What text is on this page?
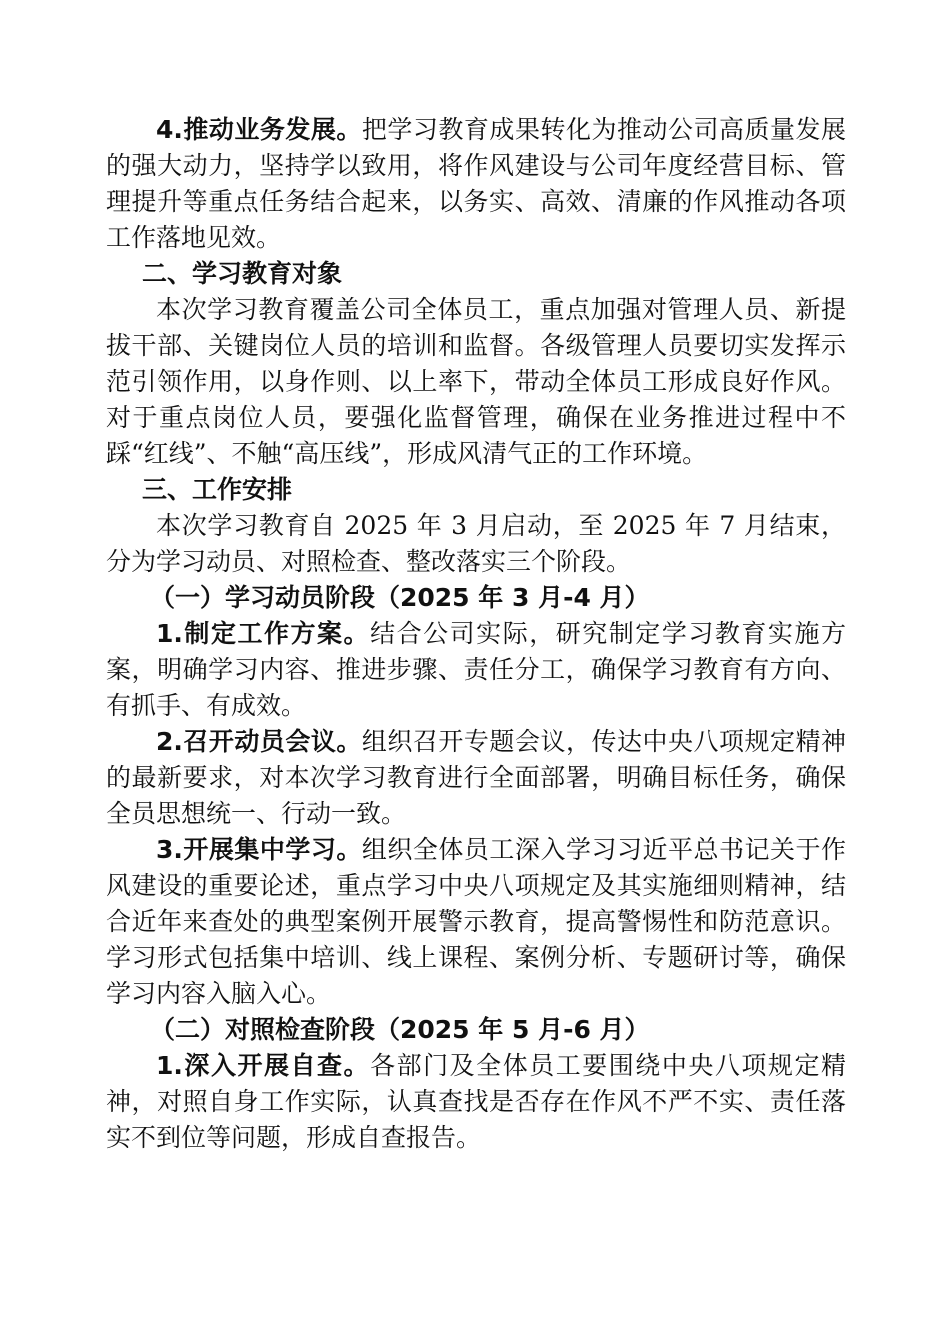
4.推动业务发展。把学习教育成果转化为推动公司高质量发展的强大动力，坚持学以致用，将作风建设与公司年度经营目标、管理提升等重点任务结合起来，以务实、高效、清廉的作风推动各项工作落地见效。

二、学习教育对象

本次学习教育覆盖公司全体员工，重点加强对管理人员、新提拔干部、关键岗位人员的培训和监督。各级管理人员要切实发挥示范引领作用，以身作则、以上率下，带动全体员工形成良好作风。对于重点岗位人员，要强化监督管理，确保在业务推进过程中不踩“红线”、不触“高压线”，形成风清气正的工作环境。

三、工作安排

本次学习教育自 2025 年 3 月启动，至 2025 年 7 月结束，分为学习动员、对照检查、整改落实三个阶段。

（一）学习动员阶段（2025 年 3 月-4 月）

1.制定工作方案。结合公司实际，研究制定学习教育实施方案，明确学习内容、推进步骤、责任分工，确保学习教育有方向、有抓手、有成效。

2.召开动员会议。组织召开专题会议，传达中央八项规定精神的最新要求，对本次学习教育进行全面部署，明确目标任务，确保全员思想统一、行动一致。

3.开展集中学习。组织全体员工深入学习习近平总书记关于作风建设的重要论述，重点学习中央八项规定及其实施细则精神，结合近年来查处的典型案例开展警示教育，提高警惕性和防范意识。学习形式包括集中培训、线上课程、案例分析、专题研讨等，确保学习内容入脑入心。

（二）对照检查阶段（2025 年 5 月-6 月）

1.深入开展自查。各部门及全体员工要围绕中央八项规定精神，对照自身工作实际，认真查找是否存在作风不严不实、责任落实不到位等问题，形成自查报告。
